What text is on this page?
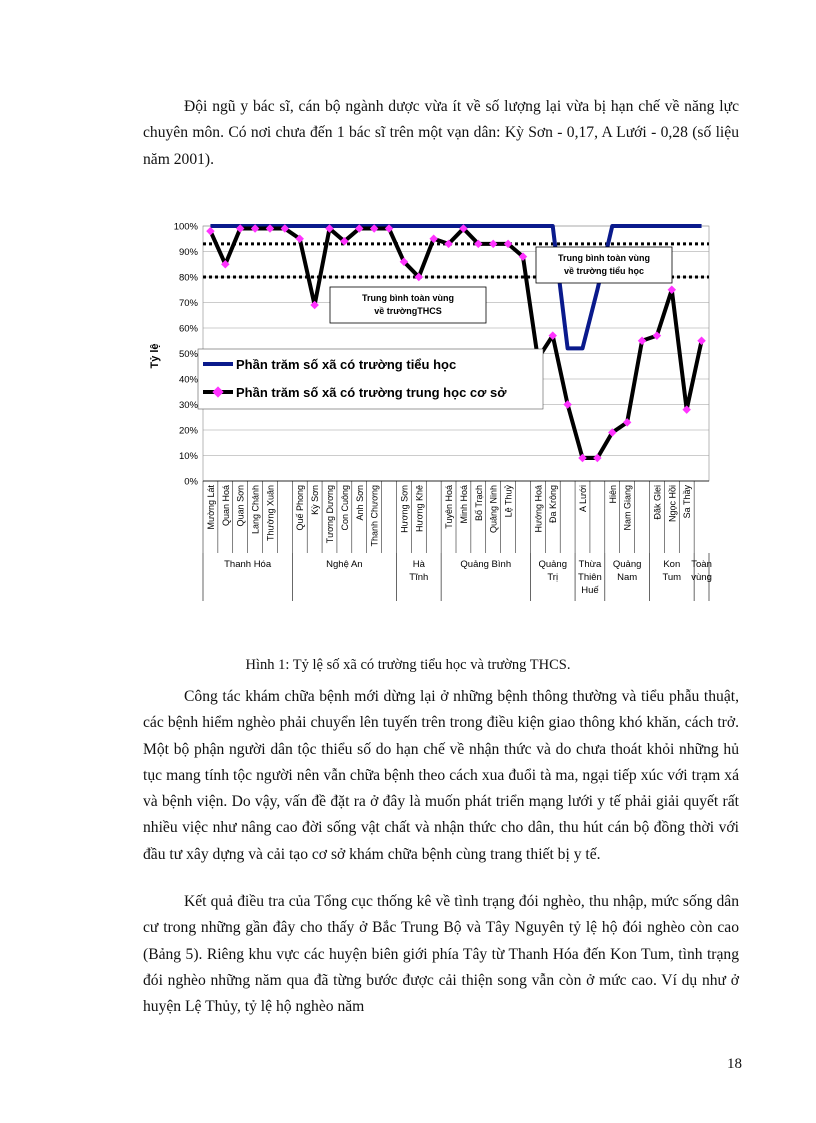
Đội ngũ y bác sĩ, cán bộ ngành dược vừa ít về số lượng lại vừa bị hạn chế về năng lực chuyên môn. Có nơi chưa đến 1 bác sĩ trên một vạn dân: Kỳ Sơn - 0,17, A Lưới - 0,28 (số liệu năm 2001).

0%
10%
20%
30%
40%
50%
60%
70%
80%
90%
100%
Mường Lát Quan Hoá Quan Sơn Lang Chánh Thường Xuân Quế Phong Kỳ Sơn Tương Dương Con Cuông Anh Sơn Thanh Chương Hương Sơn Hương Khê Tuyên Hoá Minh Hoá Bố Trạch Quảng Ninh Lệ Thuỷ Hướng Hoá Đa Krông A Lưới Hiên Nam Giang Đăk Glei Ngọc Hồi Sa Thầy
Thanh Hóa	Nghệ An	Hà
Tĩnh
Quảng Bình	Quảng
Trị
Thừa
Thiên
Huế
Quảng
Nam
Kon
Tum
Toàn
vùng
Trung bình toàn vùng
về trường tiểu học
Trung bình toàn vùng
về trườngTHCS
Phần trăm số xã có trường tiểu học
Phần trăm số xã có trường trung học cơ sở
Tỷ lệ

Hình 1: Tỷ lệ số xã có trường tiểu học và trường THCS.

Công tác khám chữa bệnh mới dừng lại ở những bệnh thông thường và tiểu phẫu thuật, các bệnh hiểm nghèo phải chuyển lên tuyến trên trong điều kiện giao thông khó khăn, cách trở. Một bộ phận người dân tộc thiểu số do hạn chế về nhận thức và do chưa thoát khỏi những hủ tục mang tính tộc người nên vẫn chữa bệnh theo cách xua đuổi tà ma, ngại tiếp xúc với trạm xá và bệnh viện. Do vậy, vấn đề đặt ra ở đây là muốn phát triển mạng lưới y tế phải giải quyết rất nhiều việc như nâng cao đời sống vật chất và nhận thức cho dân, thu hút cán bộ đồng thời với đầu tư xây dựng và cải tạo cơ sở khám chữa bệnh cùng trang thiết bị y tế.

Kết quả điều tra của Tổng cục thống kê về tình trạng đói nghèo, thu nhập, mức sống dân cư trong những gần đây cho thấy ở Bắc Trung Bộ và Tây Nguyên tỷ lệ hộ đói nghèo còn cao (Bảng 5). Riêng khu vực các huyện biên giới phía Tây từ Thanh Hóa đến Kon Tum, tình trạng đói nghèo những năm qua đã từng bước được cải thiện song vẫn còn ở mức cao. Ví dụ như ở huyện Lệ Thủy, tỷ lệ hộ nghèo năm

18
